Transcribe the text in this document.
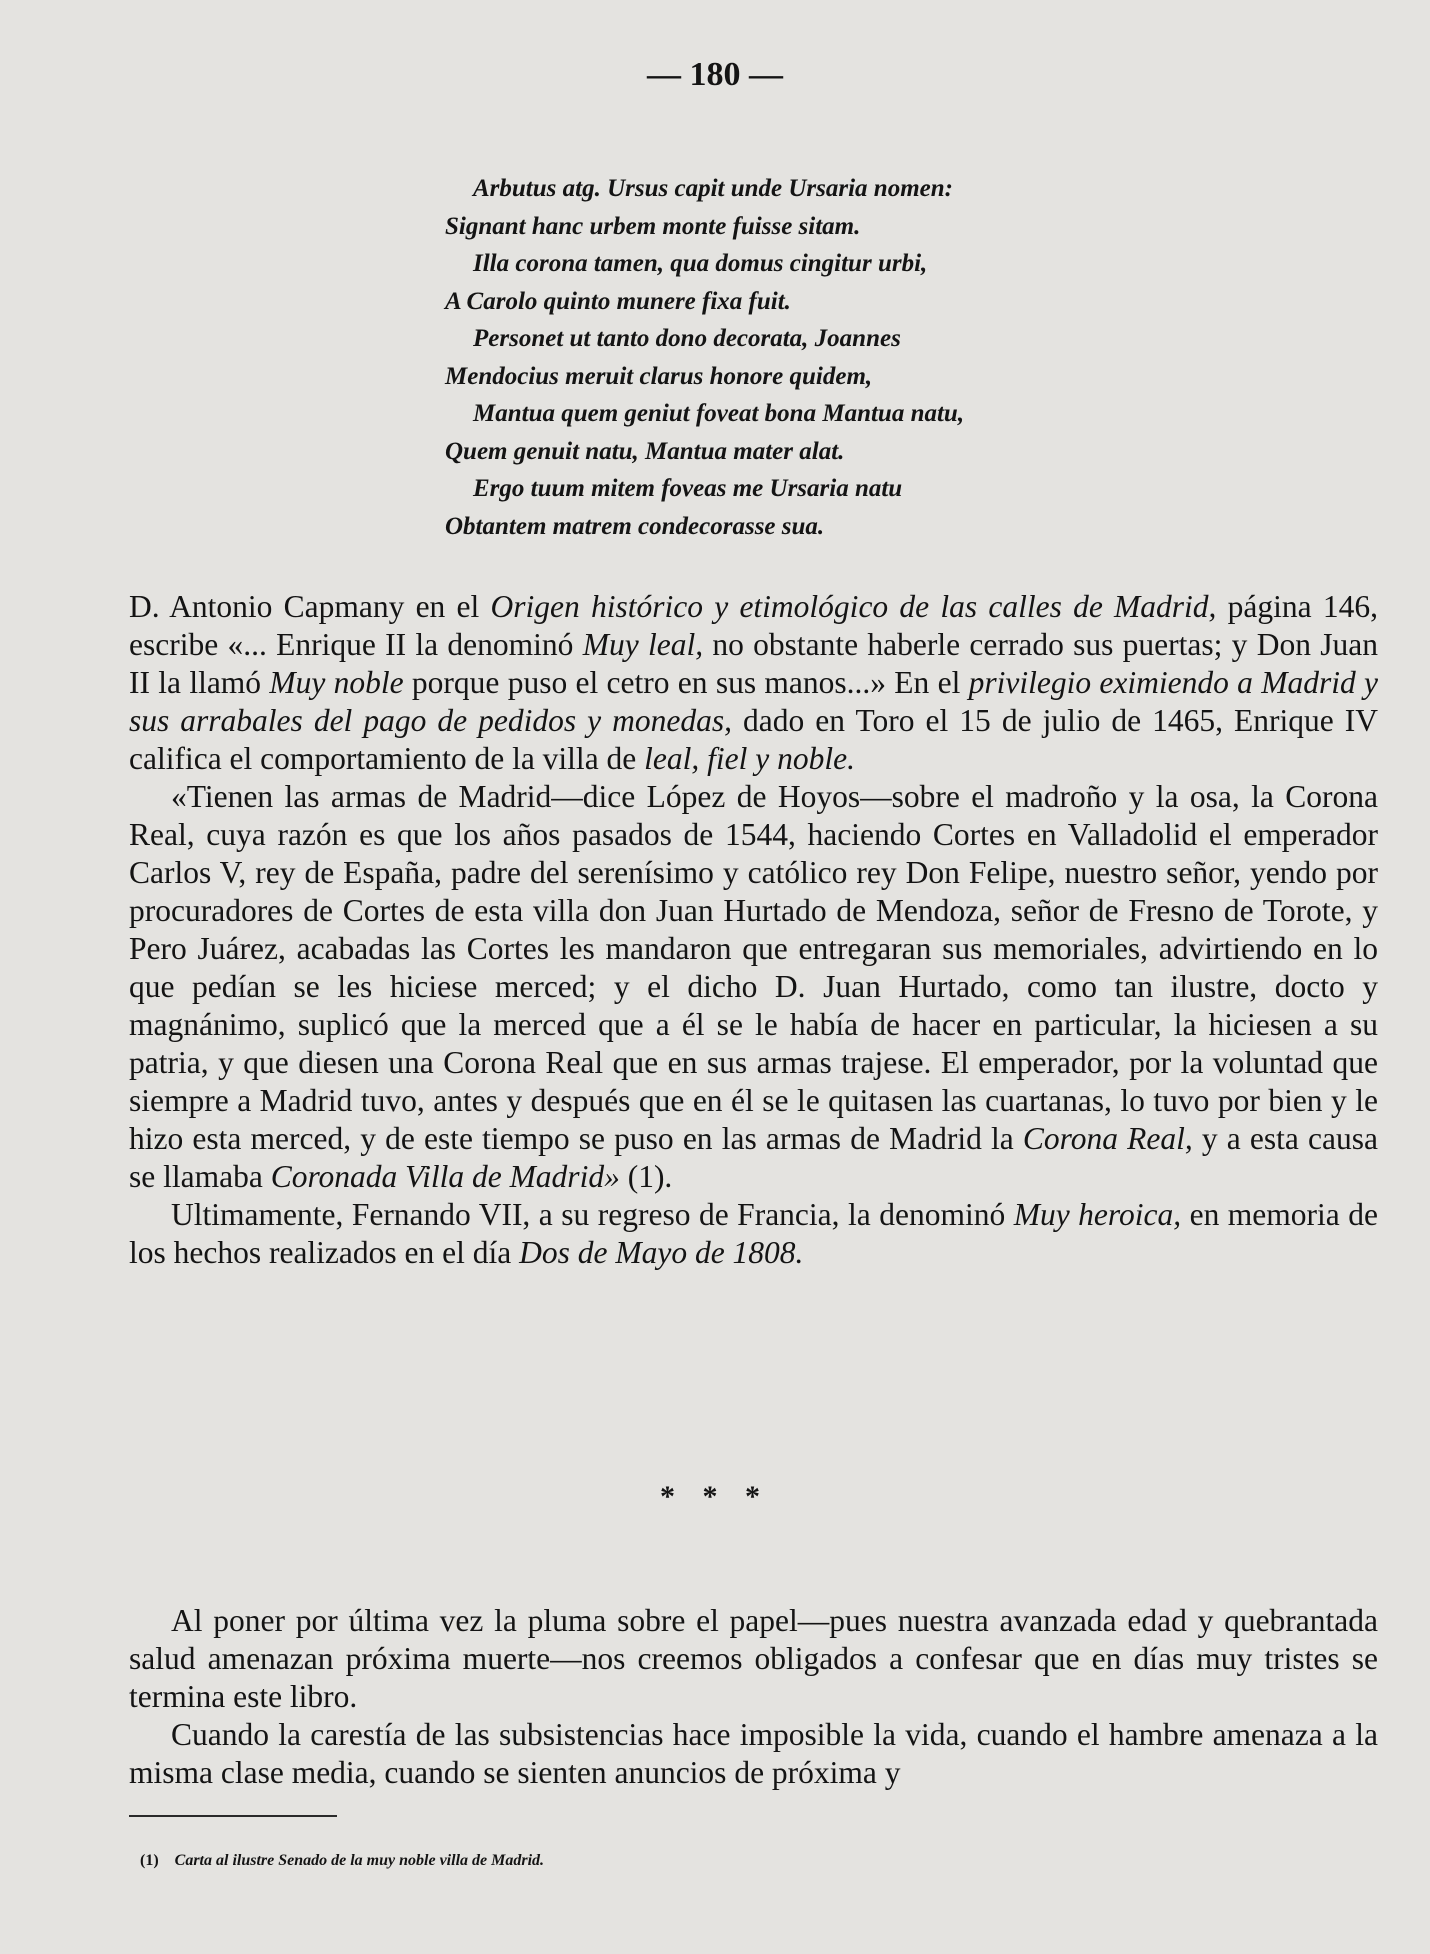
— 180 —

Arbutus atg. Ursus capit unde Ursaria nomen:

Signant hanc urbem monte fuisse sitam.

Illa corona tamen, qua domus cingitur urbi,

A Carolo quinto munere fixa fuit.

Personet ut tanto dono decorata, Joannes

Mendocius meruit clarus honore quidem,

Mantua quem geniut foveat bona Mantua natu,

Quem genuit natu, Mantua mater alat.

Ergo tuum mitem foveas me Ursaria natu

Obtantem matrem condecorasse sua.

D. Antonio Capmany en el Origen histórico y etimológico de las calles de Madrid, página 146, escribe «... Enrique II la denominó Muy leal, no obstante haberle cerrado sus puertas; y Don Juan II la llamó Muy noble porque puso el cetro en sus manos...» En el privilegio eximiendo a Madrid y sus arrabales del pago de pedidos y monedas, dado en Toro el 15 de julio de 1465, Enrique IV califica el comportamiento de la villa de leal, fiel y noble.

«Tienen las armas de Madrid—dice López de Hoyos—sobre el madroño y la osa, la Corona Real, cuya razón es que los años pasados de 1544, haciendo Cortes en Valladolid el emperador Carlos V, rey de España, padre del serenísimo y católico rey Don Felipe, nuestro señor, yendo por procuradores de Cortes de esta villa don Juan Hurtado de Mendoza, señor de Fresno de Torote, y Pero Juárez, acabadas las Cortes les mandaron que entregaran sus memoriales, advirtiendo en lo que pedían se les hiciese merced; y el dicho D. Juan Hurtado, como tan ilustre, docto y magnánimo, suplicó que la merced que a él se le había de hacer en particular, la hiciesen a su patria, y que diesen una Corona Real que en sus armas trajese. El emperador, por la voluntad que siempre a Madrid tuvo, antes y después que en él se le quitasen las cuartanas, lo tuvo por bien y le hizo esta merced, y de este tiempo se puso en las armas de Madrid la Corona Real, y a esta causa se llamaba Coronada Villa de Madrid» (1).

Ultimamente, Fernando VII, a su regreso de Francia, la denominó Muy heroica, en memoria de los hechos realizados en el día Dos de Mayo de 1808.

* * *

Al poner por última vez la pluma sobre el papel—pues nuestra avanzada edad y quebrantada salud amenazan próxima muerte—nos creemos obligados a confesar que en días muy tristes se termina este libro.

Cuando la carestía de las subsistencias hace imposible la vida, cuando el hambre amenaza a la misma clase media, cuando se sienten anuncios de próxima y

(1) Carta al ilustre Senado de la muy noble villa de Madrid.
